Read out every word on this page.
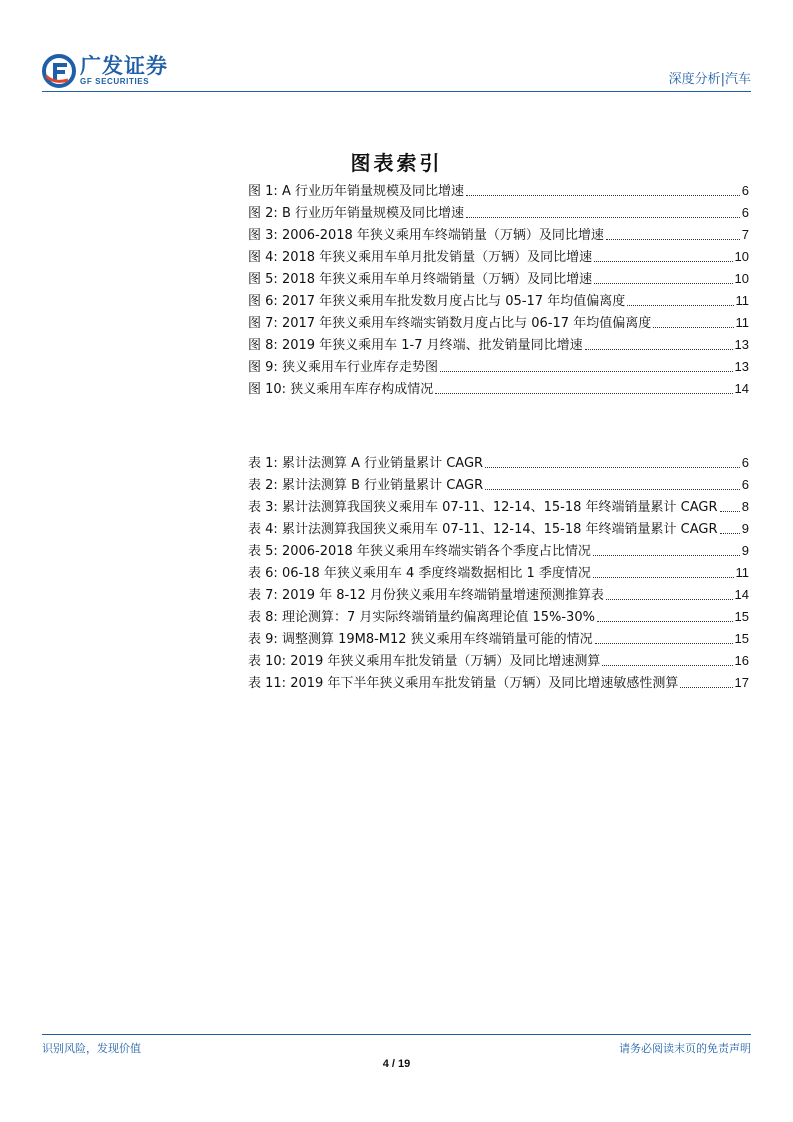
广发证券
GF SECURITIES	深度分析|汽车
图表索引
图 1: A 行业历年销量规模及同比增速	6
图 2: B 行业历年销量规模及同比增速	6
图 3: 2006-2018 年狭义乘用车终端销量（万辆）及同比增速	7
图 4: 2018 年狭义乘用车单月批发销量（万辆）及同比增速	10
图 5: 2018 年狭义乘用车单月终端销量（万辆）及同比增速	10
图 6: 2017 年狭义乘用车批发数月度占比与 05-17 年均值偏离度	11
图 7: 2017 年狭义乘用车终端实销数月度占比与 06-17 年均值偏离度	11
图 8: 2019 年狭义乘用车 1-7 月终端、批发销量同比增速	13
图 9: 狭义乘用车行业库存走势图	13
图 10: 狭义乘用车库存构成情况	14
表 1: 累计法测算 A 行业销量累计 CAGR	6
表 2: 累计法测算 B 行业销量累计 CAGR	6
表 3: 累计法测算我国狭义乘用车 07-11、12-14、15-18 年终端销量累计 CAGR 8
表 4: 累计法测算我国狭义乘用车 07-11、12-14、15-18 年终端销量累计 CAGR 9
表 5: 2006-2018 年狭义乘用车终端实销各个季度占比情况	9
表 6: 06-18 年狭义乘用车 4 季度终端数据相比 1 季度情况	11
表 7: 2019 年 8-12 月份狭义乘用车终端销量增速预测推算表	14
表 8: 理论测算：7 月实际终端销量约偏离理论值 15%-30%	15
表 9: 调整测算 19M8-M12 狭义乘用车终端销量可能的情况	15
表 10: 2019 年狭义乘用车批发销量（万辆）及同比增速测算	16
表 11: 2019 年下半年狭义乘用车批发销量（万辆）及同比增速敏感性测算	17
识别风险，发现价值	请务必阅读末页的免责声明
4 / 19
